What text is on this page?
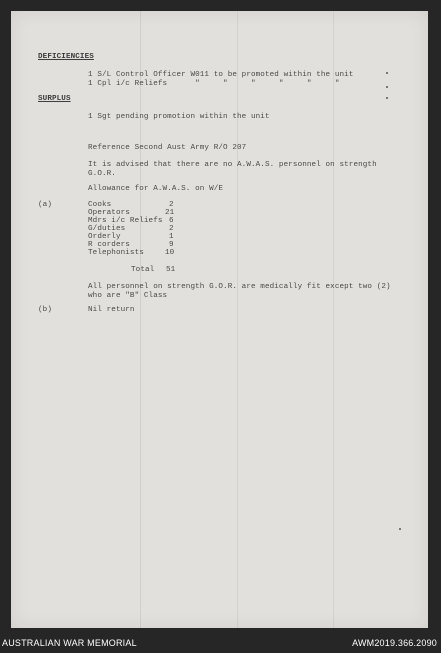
DEFICIENCIES
1 S/L Control Officer W011 to be promoted within the unit
1 Cpl i/c Reliefs      "     "     "     "     "     "
SURPLUS
1 Sgt pending promotion within the unit
Reference Second Aust Army R/O 207
It is advised that there are no A.W.A.S. personnel on strength
G.O.R.
Allowance for A.W.A.S. on W/E
(a)	Cooks	2
Operators	21
Mdrs i/c Reliefs 6
G/duties	2
Orderly	1
R corders	9
Telephonists	10
Total 51
All personnel on strength G.O.R. are medically fit except two (2)
who are "B" Class
(b)	Nil return
AUSTRALIAN WAR MEMORIAL	AWM2019.366.2090
